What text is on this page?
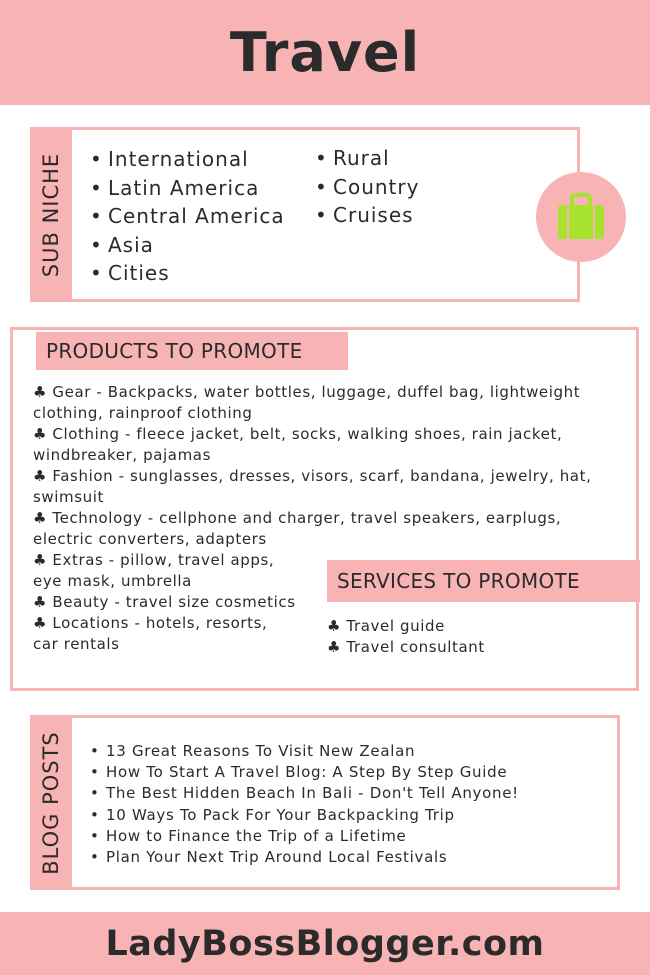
Travel
SUB NICHE	• International
• Latin America
• Central America
• Asia
• Cities
• Rural
• Country
• Cruises
PRODUCTS TO PROMOTE
♣ Gear - Backpacks, water bottles, luggage, duffel bag, lightweight
clothing, rainproof clothing
♣ Clothing - fleece jacket, belt, socks, walking shoes, rain jacket,
windbreaker, pajamas
♣ Fashion - sunglasses, dresses, visors, scarf, bandana, jewelry, hat,
swimsuit
♣ Technology - cellphone and charger, travel speakers, earplugs,
electric converters, adapters
♣ Extras - pillow, travel apps,
eye mask, umbrella
♣ Beauty - travel size cosmetics
♣ Locations - hotels, resorts,
car rentals
SERVICES TO PROMOTE
♣ Travel guide
♣ Travel consultant
BLOG POSTS	• 13 Great Reasons To Visit New Zealan
• How To Start A Travel Blog: A Step By Step Guide
• The Best Hidden Beach In Bali - Don't Tell Anyone!
• 10 Ways To Pack For Your Backpacking Trip
• How to Finance the Trip of a Lifetime
• Plan Your Next Trip Around Local Festivals
LadyBossBlogger.com
